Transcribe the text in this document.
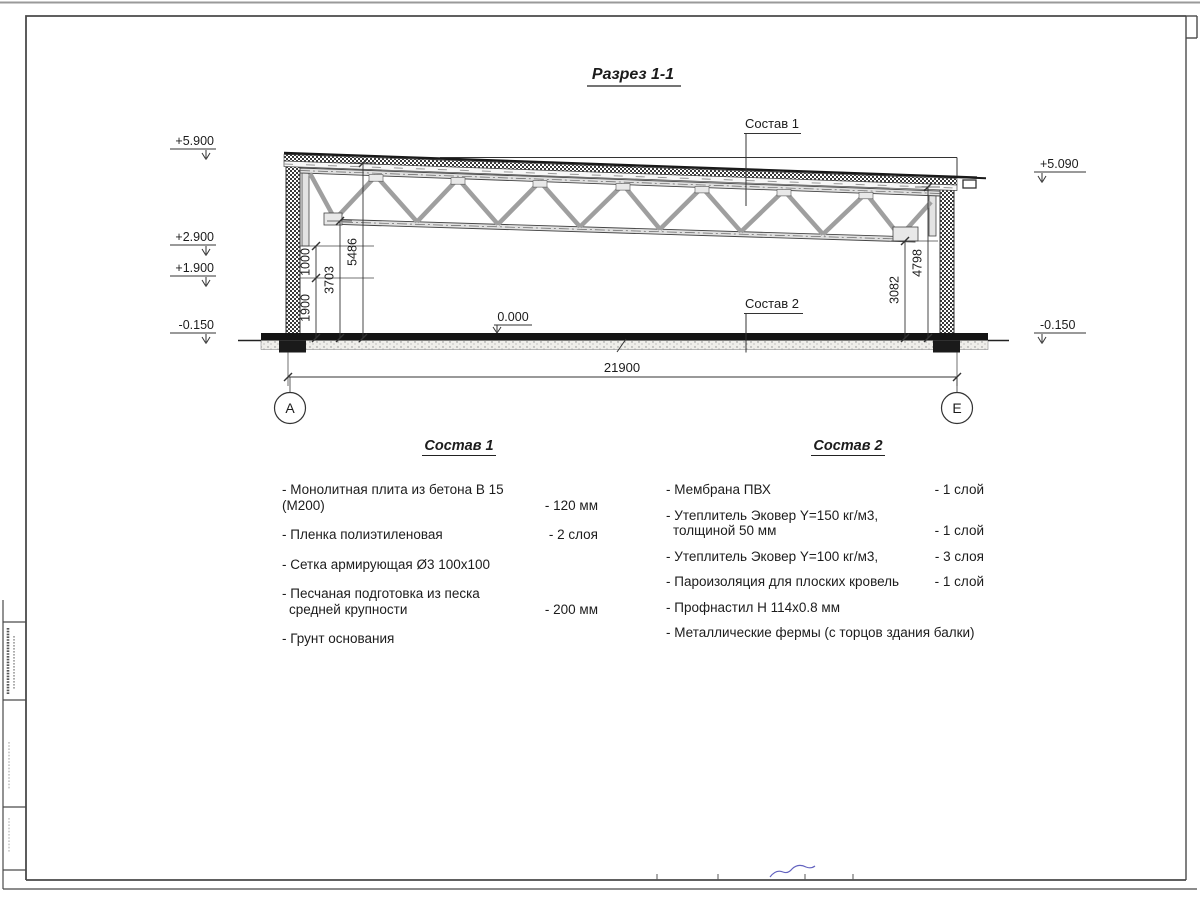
Разрез 1-1
Состав 1
Состав 2
0.000
+5.900
+2.900
+1.900
-0.150
+5.090
-0.150
1900
1000
3703
5486
3082
4798
21900
А	Е
Состав 1
- Монолитная плита из бетона В 15 (М200)	- 120 мм
- Пленка полиэтиленовая	- 2 слоя
- Сетка армирующая Ø3 100х100
- Песчаная подготовка из песка
средней крупности	- 200 мм
- Грунт основания
Состав 2
- Мембрана ПВХ	- 1 слой
- Утеплитель Эковер Y=150 кг/м3,
толщиной 50 мм	- 1 слой
- Утеплитель Эковер Y=100 кг/м3,	- 3 слоя
- Пароизоляция для плоских кровель	- 1 слой
- Профнастил Н 114х0.8 мм
- Металлические фермы (с торцов здания балки)
